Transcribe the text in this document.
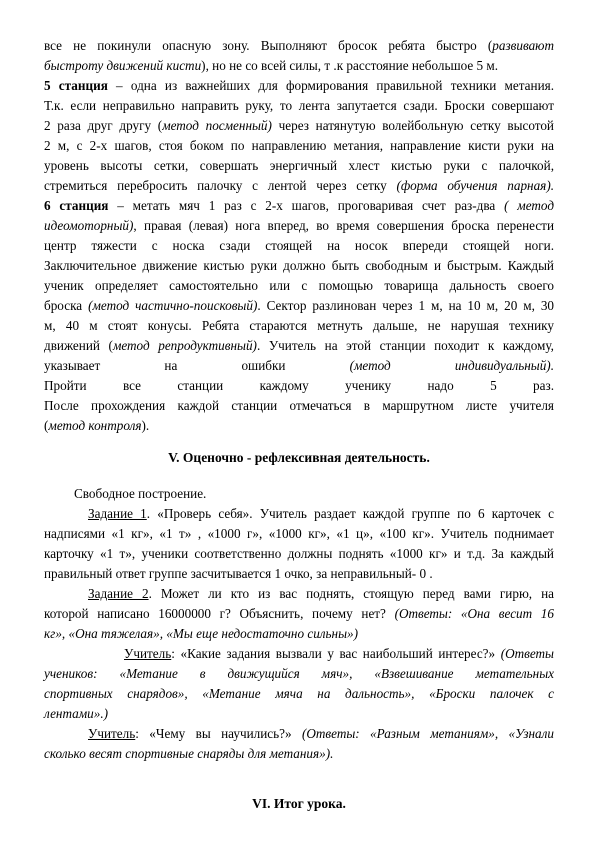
все не покинули опасную зону. Выполняют бросок ребята быстро (развивают
быстроту движений кисти), но не со всей силы, т .к расстояние небольшое 5 м.
5 станция – одна из важнейших для формирования правильной техники метания.
Т.к. если неправильно направить руку, то лента запутается сзади. Броски совершают
2 раза друг другу (метод посменный) через натянутую волейбольную сетку высотой
2 м, с 2-х шагов, стоя боком по направлению метания, направление кисти руки на
уровень высоты сетки, совершать энергичный хлест кистью руки с палочкой,
стремиться перебросить палочку с лентой через сетку (форма обучения парная).
6 станция – метать мяч 1 раз с 2-х шагов, проговаривая счет раз-два ( метод
идеомоторный), правая (левая) нога вперед, во время совершения броска перенести
центр тяжести с носка сзади стоящей на носок впереди стоящей ноги.
Заключительное движение кистью руки должно быть свободным и быстрым. Каждый
ученик определяет самостоятельно или с помощью товарища дальность своего
броска (метод частично-поисковый). Сектор разлинован через 1 м, на 10 м, 20 м, 30
м, 40 м стоят конусы. Ребята стараются метнуть дальше, не нарушая технику
движений (метод репродуктивный). Учитель на этой станции походит к каждому,
указывает на ошибки (метод индивидуальный).
Пройти все станции каждому ученику надо 5 раз.
После прохождения каждой станции отмечаться в маршрутном листе учителя
(метод контроля).
V. Оценочно - рефлексивная деятельность.
Свободное построение.
Задание 1. «Проверь себя». Учитель раздает каждой группе по 6 карточек с
надписями «1 кг», «1 т» , «1000 г», «1000 кг», «1 ц», «100 кг». Учитель поднимает
карточку «1 т», ученики соответственно должны поднять «1000 кг» и т.д. За каждый
правильный ответ группе засчитывается 1 очко, за неправильный- 0 .
Задание 2. Может ли кто из вас поднять, стоящую перед вами гирю, на
которой написано 16000000 г? Объяснить, почему нет? (Ответы: «Она весит 16
кг», «Она тяжелая», «Мы еще недостаточно сильны»)
Учитель: «Какие задания вызвали у вас наибольший интерес?» (Ответы
учеников: «Метание в движущийся мяч», «Взвешивание метательных
спортивных снарядов», «Метание мяча на дальность», «Броски палочек с
лентами».)
Учитель: «Чему вы научились?» (Ответы: «Разным метаниям», «Узнали
сколько весят спортивные снаряды для метания»).
VI. Итог урока.
